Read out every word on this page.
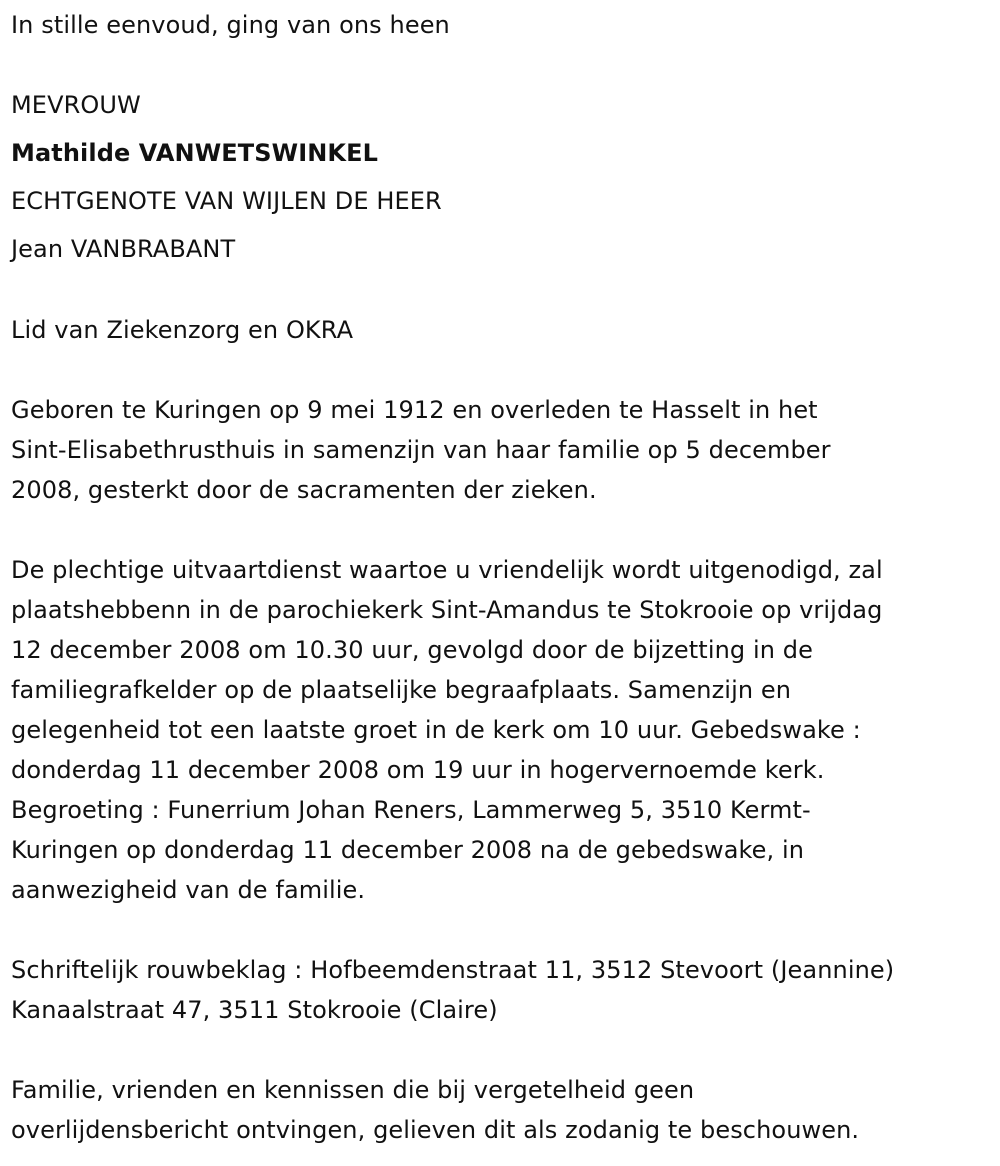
In stille eenvoud, ging van ons heen
MEVROUW
Mathilde VANWETSWINKEL
ECHTGENOTE VAN WIJLEN DE HEER
Jean VANBRABANT
Lid van Ziekenzorg en OKRA
Geboren te Kuringen op 9 mei 1912 en overleden te Hasselt in het
Sint-Elisabethrusthuis in samenzijn van haar familie op 5 december
2008, gesterkt door de sacramenten der zieken.
De plechtige uitvaartdienst waartoe u vriendelijk wordt uitgenodigd, zal
plaatshebbenn in de parochiekerk Sint-Amandus te Stokrooie op vrijdag
12 december 2008 om 10.30 uur, gevolgd door de bijzetting in de
familiegrafkelder op de plaatselijke begraafplaats. Samenzijn en
gelegenheid tot een laatste groet in de kerk om 10 uur. Gebedswake :
donderdag 11 december 2008 om 19 uur in hogervernoemde kerk.
Begroeting : Funerrium Johan Reners, Lammerweg 5, 3510 Kermt-
Kuringen op donderdag 11 december 2008 na de gebedswake, in
aanwezigheid van de familie.
Schriftelijk rouwbeklag : Hofbeemdenstraat 11, 3512 Stevoort (Jeannine)
Kanaalstraat 47, 3511 Stokrooie (Claire)
Familie, vrienden en kennissen die bij vergetelheid geen
overlijdensbericht ontvingen, gelieven dit als zodanig te beschouwen.
